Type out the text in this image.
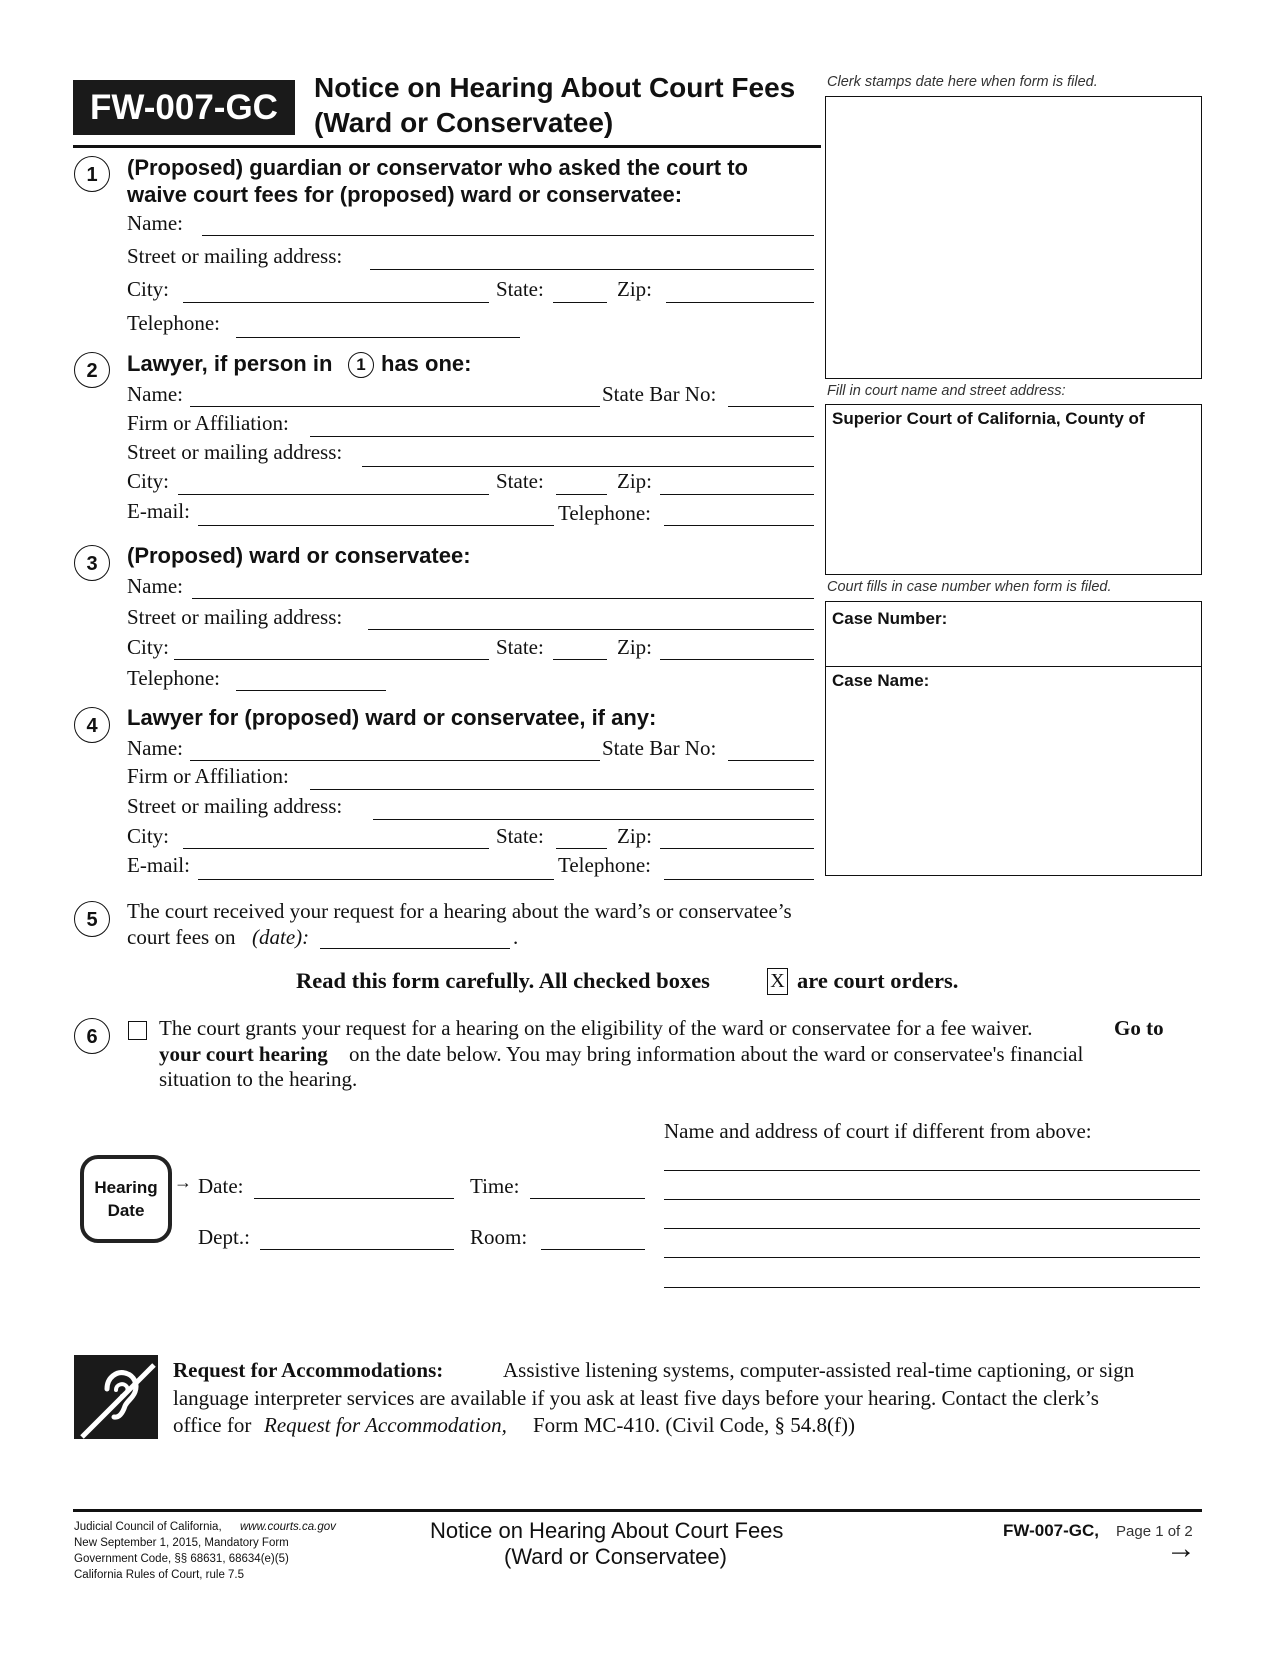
FW-007-GC
Notice on Hearing About Court Fees
(Ward or Conservatee)
Clerk stamps date here when form is filed.
Fill in court name and street address:
Superior Court of California, County of
Court fills in case number when form is filed.
Case Number:
Case Name:
1	(Proposed) guardian or conservator who asked the court to
waive court fees for (proposed) ward or conservatee:
Name:
Street or mailing address:
City:	State:	Zip:
Telephone:
2	Lawyer, if person in	1 has one:
Name:	State Bar No:
Firm or Affiliation:
Street or mailing address:
City:	State:	Zip:
E-mail:	Telephone:
3	(Proposed) ward or conservatee:
Name:
Street or mailing address:
City:	State:	Zip:
Telephone:
4	Lawyer for (proposed) ward or conservatee, if any:
Name:	State Bar No:
Firm or Affiliation:
Street or mailing address:
City:	State:	Zip:
E-mail:	Telephone:
5	The court received your request for a hearing about the ward’s or conservatee’s
court fees on (date):	.
Read this form carefully. All checked boxes	X are court orders.
6	The court grants your request for a hearing on the eligibility of the ward or conservatee for a fee waiver.	Go to
your court hearing on the date below. You may bring information about the ward or conservatee's financial
situation to the hearing.
Name and address of court if different from above:
Hearing
Date
→ Date:	Time:
Dept.:	Room:
Request for Accommodations:	Assistive listening systems, computer-assisted real-time captioning, or sign
language interpreter services are available if you ask at least five days before your hearing. Contact the clerk’s
office for Request for Accommodation, Form MC-410. (Civil Code, § 54.8(f))
Judicial Council of California, www.courts.ca.gov
New September 1, 2015, Mandatory Form
Government Code, §§ 68631, 68634(e)(5)
California Rules of Court, rule 7.5
Notice on Hearing About Court Fees
(Ward or Conservatee)
FW-007-GC, Page 1 of 2
→
